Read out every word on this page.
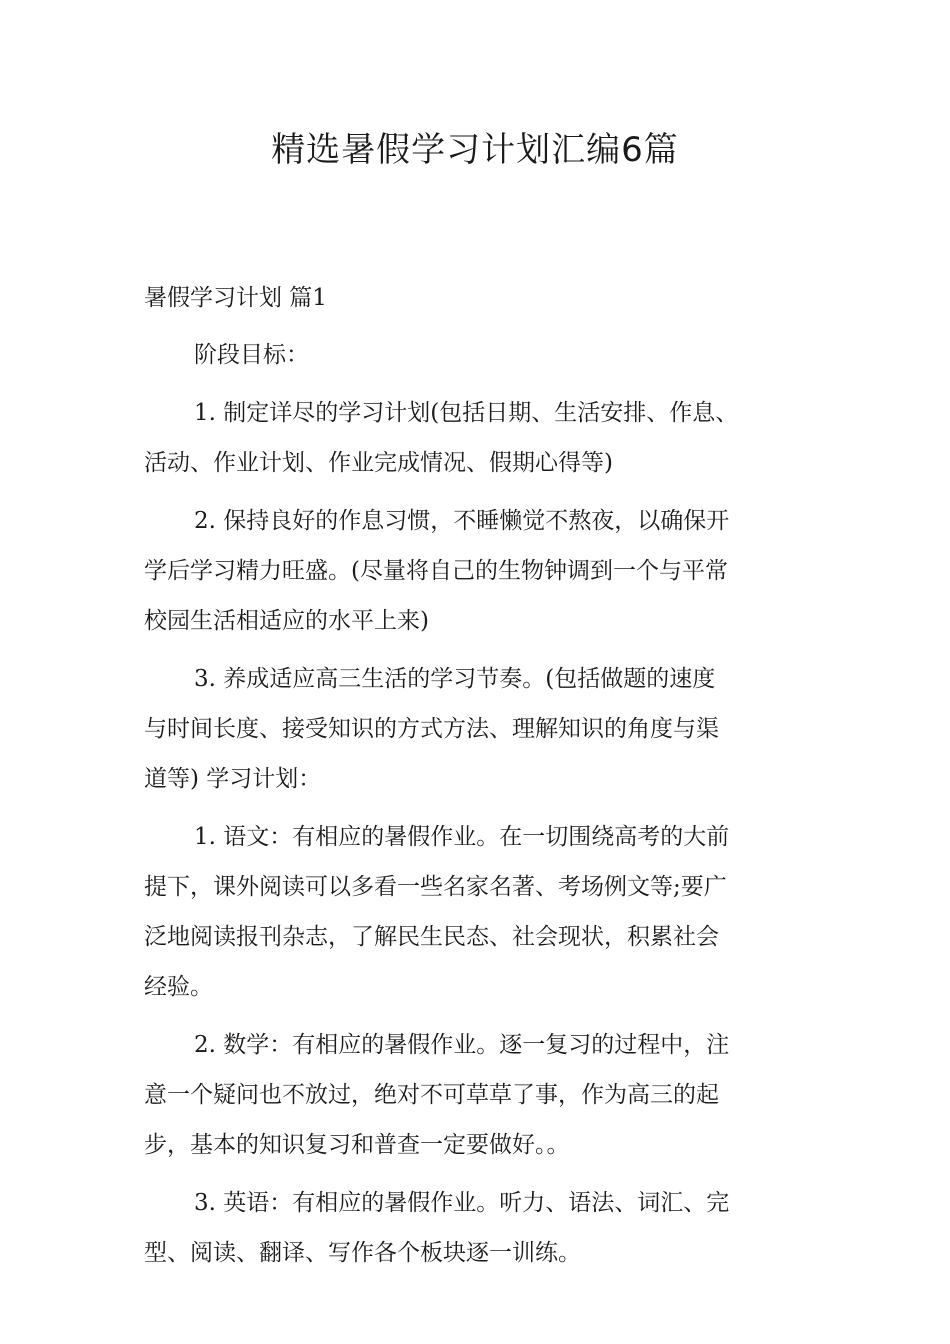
精选暑假学习计划汇编6篇
暑假学习计划 篇1

阶段目标：

1. 制定详尽的学习计划(包括日期、生活安排、作息、
活动、作业计划、作业完成情况、假期心得等)

2. 保持良好的作息习惯，不睡懒觉不熬夜，以确保开
学后学习精力旺盛。(尽量将自己的生物钟调到一个与平常
校园生活相适应的水平上来)

3. 养成适应高三生活的学习节奏。(包括做题的速度
与时间长度、接受知识的方式方法、理解知识的角度与渠
道等) 学习计划：

1. 语文：有相应的暑假作业。在一切围绕高考的大前
提下，课外阅读可以多看一些名家名著、考场例文等;要广
泛地阅读报刊杂志，了解民生民态、社会现状，积累社会
经验。

2. 数学：有相应的暑假作业。逐一复习的过程中，注
意一个疑问也不放过，绝对不可草草了事，作为高三的起
步，基本的知识复习和普查一定要做好。。

3. 英语：有相应的暑假作业。听力、语法、词汇、完
型、阅读、翻译、写作各个板块逐一训练。
